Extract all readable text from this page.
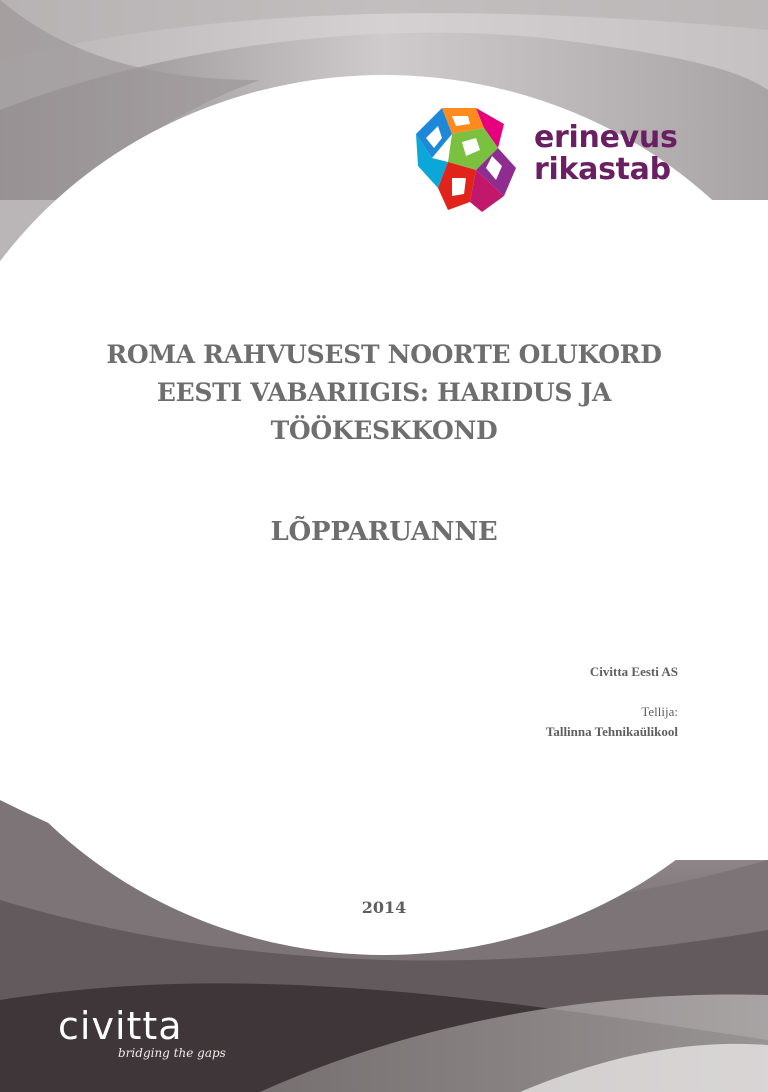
erinevus
rikastab
ROMA RAHVUSEST NOORTE OLUKORD
EESTI VABARIIGIS: HARIDUS JA
TÖÖKESKKOND
LÕPPARUANNE
Civitta Eesti AS
Tellija:
Tallinna Tehnikaülikool
2014
civitta
bridging the gaps
